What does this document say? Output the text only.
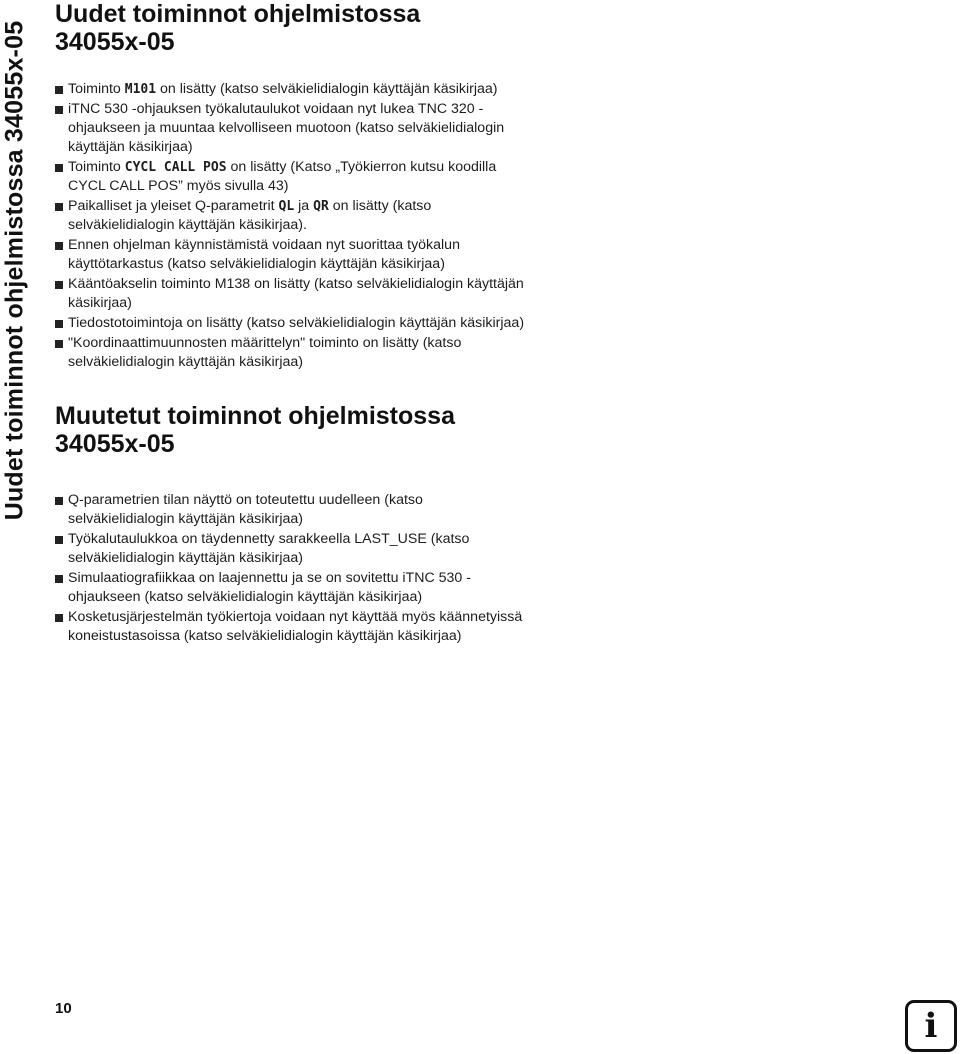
Uudet toiminnot ohjelmistossa 34055x-05
Uudet toiminnot ohjelmistossa
34055x-05
Toiminto M101 on lisätty (katso selväkielidialogin käyttäjän käsikirjaa)
iTNC 530 -ohjauksen työkalutaulukot voidaan nyt lukea TNC 320 - ohjaukseen ja muuntaa kelvolliseen muotoon (katso selväkielidialogin käyttäjän käsikirjaa)
Toiminto CYCL CALL POS on lisätty (Katso „Työkierron kutsu koodilla CYCL CALL POS” myös sivulla 43)
Paikalliset ja yleiset Q-parametrit QL ja QR on lisätty (katso selväkielidialogin käyttäjän käsikirjaa).
Ennen ohjelman käynnistämistä voidaan nyt suorittaa työkalun käyttötarkastus (katso selväkielidialogin käyttäjän käsikirjaa)
Kääntöakselin toiminto M138 on lisätty (katso selväkielidialogin käyttäjän käsikirjaa)
Tiedostotoimintoja on lisätty (katso selväkielidialogin käyttäjän käsikirjaa)
"Koordinaattimuunnosten määrittelyn" toiminto on lisätty (katso selväkielidialogin käyttäjän käsikirjaa)
Muutetut toiminnot ohjelmistossa
34055x-05
Q-parametrien tilan näyttö on toteutettu uudelleen (katso selväkielidialogin käyttäjän käsikirjaa)
Työkalutaulukkoa on täydennetty sarakkeella LAST_USE (katso selväkielidialogin käyttäjän käsikirjaa)
Simulaatiografiikkaa on laajennettu ja se on sovitettu iTNC 530 - ohjaukseen (katso selväkielidialogin käyttäjän käsikirjaa)
Kosketusjärjestelmän työkiertoja voidaan nyt käyttää myös käännetyissä koneistustasoissa (katso selväkielidialogin käyttäjän käsikirjaa)
10	i
